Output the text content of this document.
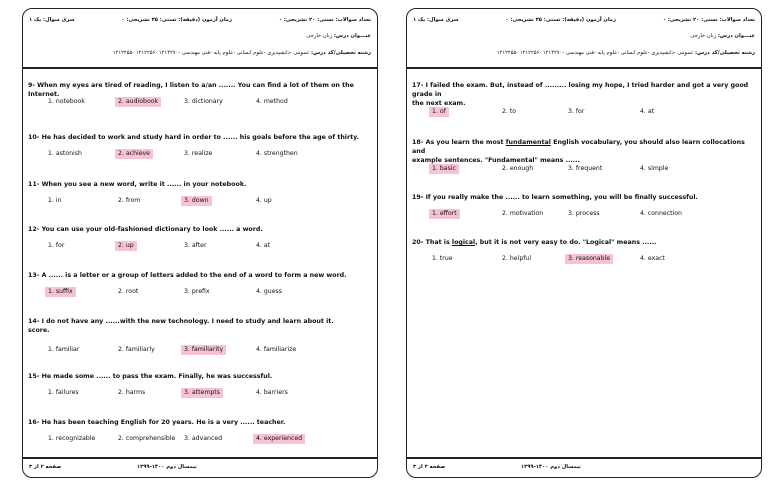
تعداد سوالات: تستی: ۲۰ تشریحی: ۰
زمان آزمون (دقیقه): تستی: ۳۵ تشریحی: ۰
سری سوال: یک ۱
عنـــوان درس: زبان خارجی
رشته تحصیلی/کد درس: عمومی -دانشپذیری -علوم انسانی -علوم پایه -فنی مهندسی -۱۲۱۴۲۷۰ -۱۲۱۲۲۵۶ -۱۲۱۲۲۵۵
9- When my eyes are tired of reading, I listen to a/an ....... You can find a lot of them on the Internet.
1. notebook	2. audiobook	3. dictionary	4. method
10- He has decided to work and study hard in order to ...... his goals before the age of thirty.
1. astonish	2. achieve	3. realize	4. strengthen
11- When you see a new word, write it ...... in your notebook.
1. in	2. from	3. down	4. up
12- You can use your old-fashioned dictionary to look ...... a word.
1. for	2. up	3. after	4. at
13- A ...... is a letter or a group of letters added to the end of a word to form a new word.
1. suffix	2. root	3. prefix	4. guess
14- I do not have any ......with the new technology. I need to study and learn about it.
score.
1. familiar	2. familiarly	3. familiarity	4. familiarize
15- He made some ...... to pass the exam. Finally, he was successful.
1. failures	2. harms	3. attempts	4. barriers
16- He has been teaching English for 20 years. He is a very ...... teacher.
1. recognizable	2. comprehensible	3. advanced	4. experienced
نیمسال دوم ۱۴۰۰-۱۳۹۹
صفحه ۲ از ۳
تعداد سوالات: تستی: ۲۰ تشریحی: ۰
زمان آزمون (دقیقه): تستی: ۳۵ تشریحی: ۰
سری سوال: یک ۱
عنـــوان درس: زبان خارجی
رشته تحصیلی/کد درس: عمومی -دانشپذیری -علوم انسانی -علوم پایه -فنی مهندسی -۱۲۱۴۲۷۰ -۱۲۱۲۲۵۶ -۱۲۱۲۲۵۵
17- I failed the exam. But, instead of ......... losing my hope, I tried harder and got a very good grade in
the next exam.
1. of	2. to	3. for	4. at
18- As you learn the most fundamental English vocabulary, you should also learn collocations and
example sentences. "Fundamental" means ......
1. basic	2. enough	3. frequent	4. simple
19- If you really make the ...... to learn something, you will be finally successful.
1. effort	2. motivation	3. process	4. connection
20- That is logical, but it is not very easy to do. "Logical" means ......
1. true	2. helpful	3. reasonable	4. exact
نیمسال دوم ۱۴۰۰-۱۳۹۹
صفحه ۳ از ۳
